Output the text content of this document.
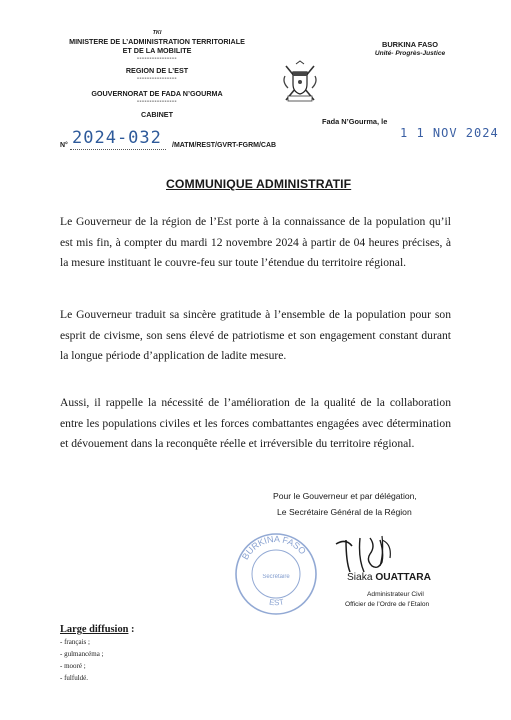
TKI
MINISTERE DE L’ADMINISTRATION TERRITORIALE
ET DE LA MOBILITE
----------------
REGION DE L’EST
----------------
GOUVERNORAT DE FADA N’GOURMA
----------------
CABINET
N° 2024-032 /MATM/REST/GVRT-FGRM/CAB
BURKINA FASO
Unité- Progrès-Justice
Fada N’Gourma, le
1 1 NOV 2024
COMMUNIQUE ADMINISTRATIF
Le Gouverneur de la région de l’Est porte à la connaissance de la population qu’il est mis fin, à compter du mardi 12 novembre 2024 à partir de 04 heures précises, à la mesure instituant le couvre-feu sur toute l’étendue du territoire régional.
Le Gouverneur traduit sa sincère gratitude à l’ensemble de la population pour son esprit de civisme, son sens élevé de patriotisme et son engagement constant durant la longue période d’application de ladite mesure.
Aussi, il rappelle la nécessité de l’amélioration de la qualité de la collaboration entre les populations civiles et les forces combattantes engagées avec détermination et dévouement dans la reconquête réelle et irréversible du territoire régional.
Pour le Gouverneur et par délégation,
Le Secrétaire Général de la Région
BURKINA FASO
EST
Secrétaire	Siaka OUATTARA
Administrateur Civil
Officier de l’Ordre de l’Etalon
Large diffusion :
- français ;
- gulmancéma ;
- mooré ;
- fulfuldé.
